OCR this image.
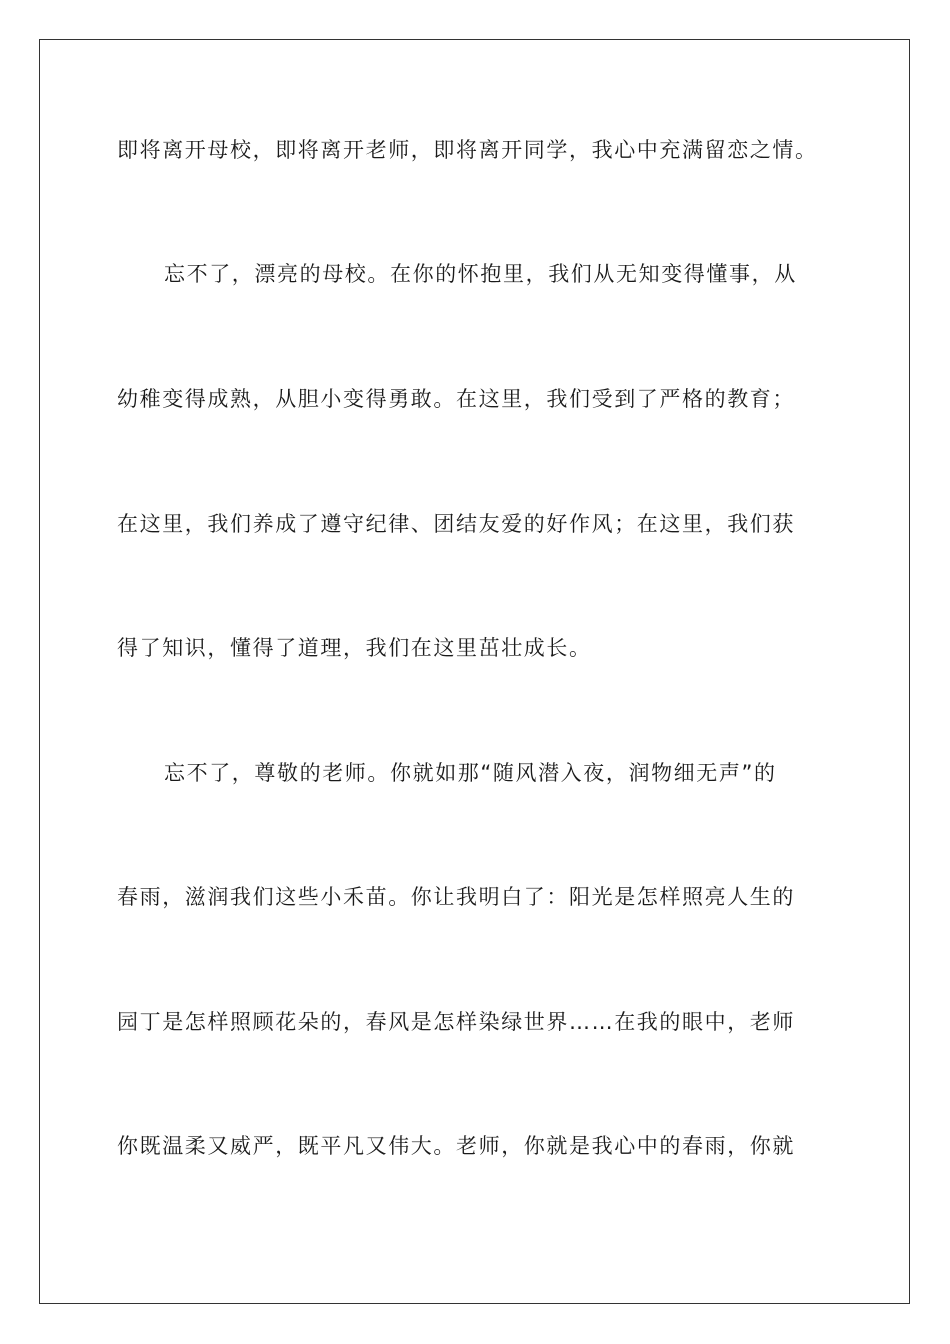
即将离开母校，即将离开老师，即将离开同学，我心中充满留恋之情。
忘不了，漂亮的母校。在你的怀抱里，我们从无知变得懂事，从
幼稚变得成熟，从胆小变得勇敢。在这里，我们受到了严格的教育；
在这里，我们养成了遵守纪律、团结友爱的好作风；在这里，我们获
得了知识，懂得了道理，我们在这里茁壮成长。
忘不了，尊敬的老师。你就如那“随风潜入夜，润物细无声”的
春雨，滋润我们这些小禾苗。你让我明白了：阳光是怎样照亮人生的
园丁是怎样照顾花朵的，春风是怎样染绿世界……在我的眼中，老师
你既温柔又威严，既平凡又伟大。老师，你就是我心中的春雨，你就
